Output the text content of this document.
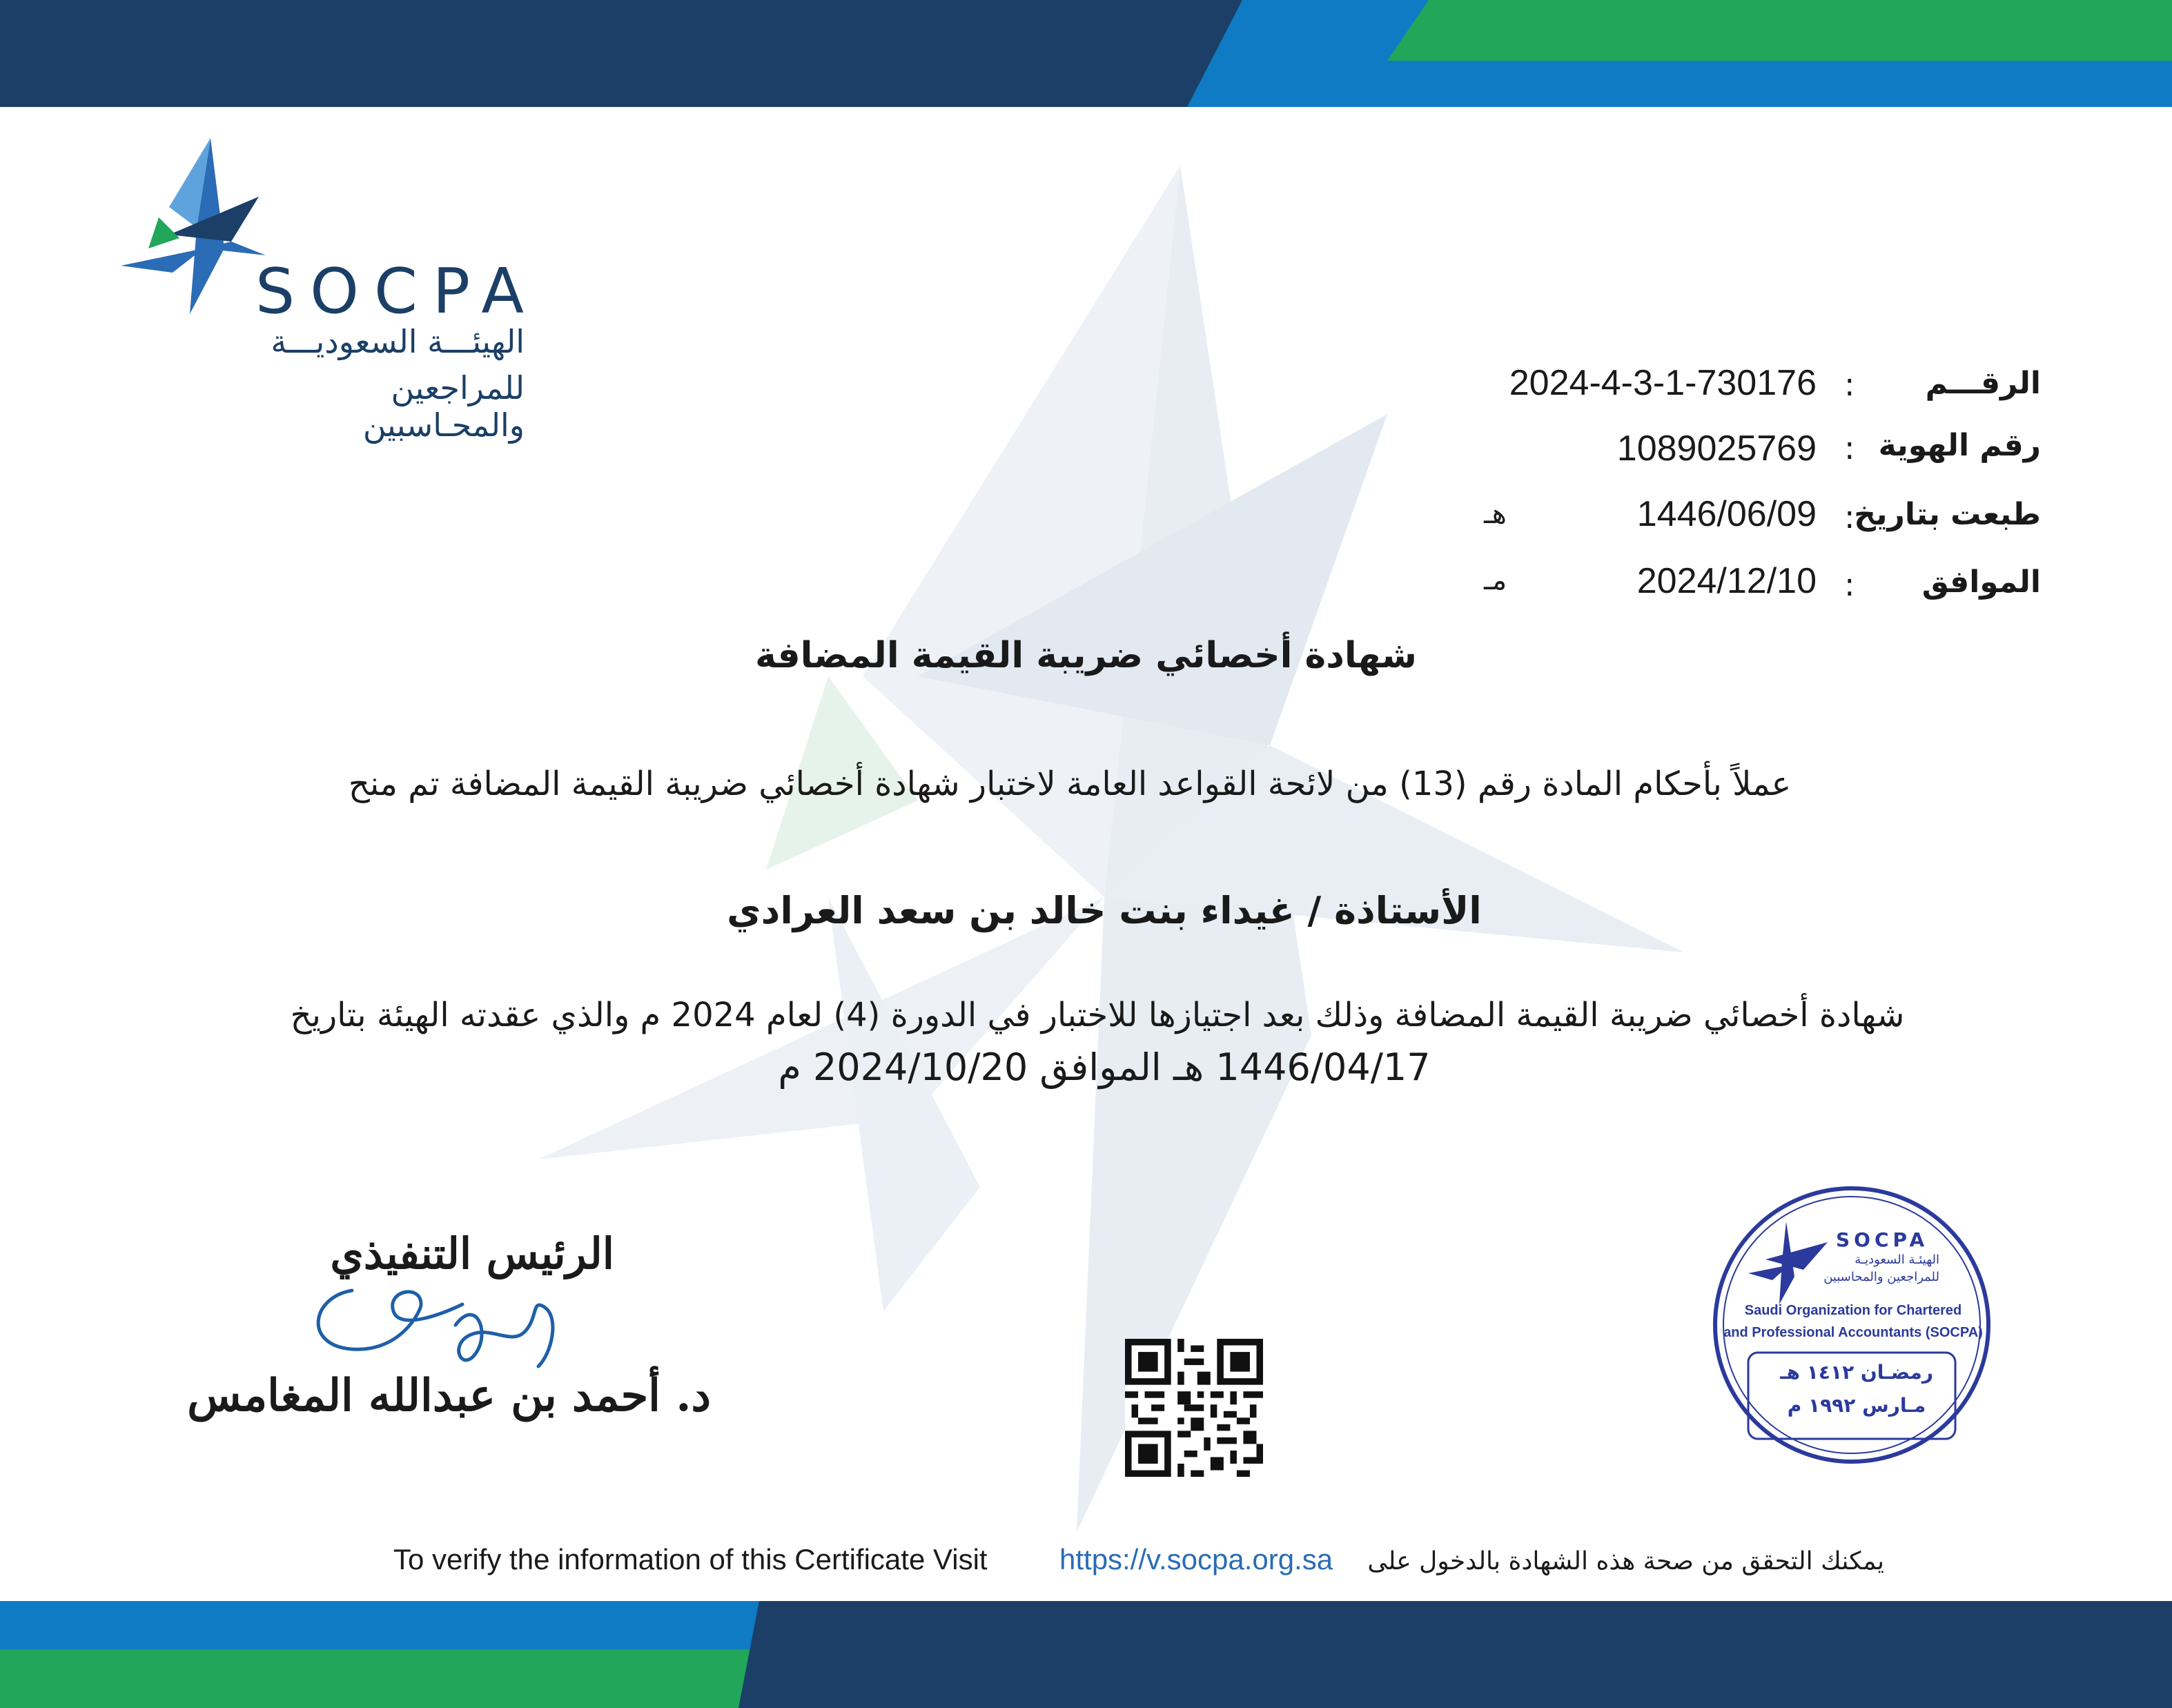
SOCPA
الهيئـــة السعوديـــة
للمراجعين والمحـاسبين
الرقـــم
:
2024-4-3-1-730176
رقم الهوية
:
1089025769
طبعت بتاريخ
:
1446/06/09
هـ
الموافق
:
2024/12/10
مـ
شهادة أخصائي ضريبة القيمة المضافة
عملاً بأحكام المادة رقم (13) من لائحة القواعد العامة لاختبار شهادة أخصائي ضريبة القيمة المضافة تم منح
الأستاذة / غيداء بنت خالد بن سعد العرادي
شهادة أخصائي ضريبة القيمة المضافة وذلك بعد اجتيازها للاختبار في الدورة (4) لعام 2024 م والذي عقدته الهيئة بتاريخ
1446/04/17 هـ الموافق 2024/10/20 م
الرئيس التنفيذي
د. أحمد بن عبدالله المغامس
SOCPA
الهيئـة السعوديـة
للمراجعين والمحاسبين
Saudi Organization for Chartered
and Professional Accountants (SOCPA)
رمضـان ١٤١٢ هـ
مـارس ١٩٩٢ م
To verify the information of this Certificate Visit https://v.socpa.org.sa يمكنك التحقق من صحة هذه الشهادة بالدخول على
